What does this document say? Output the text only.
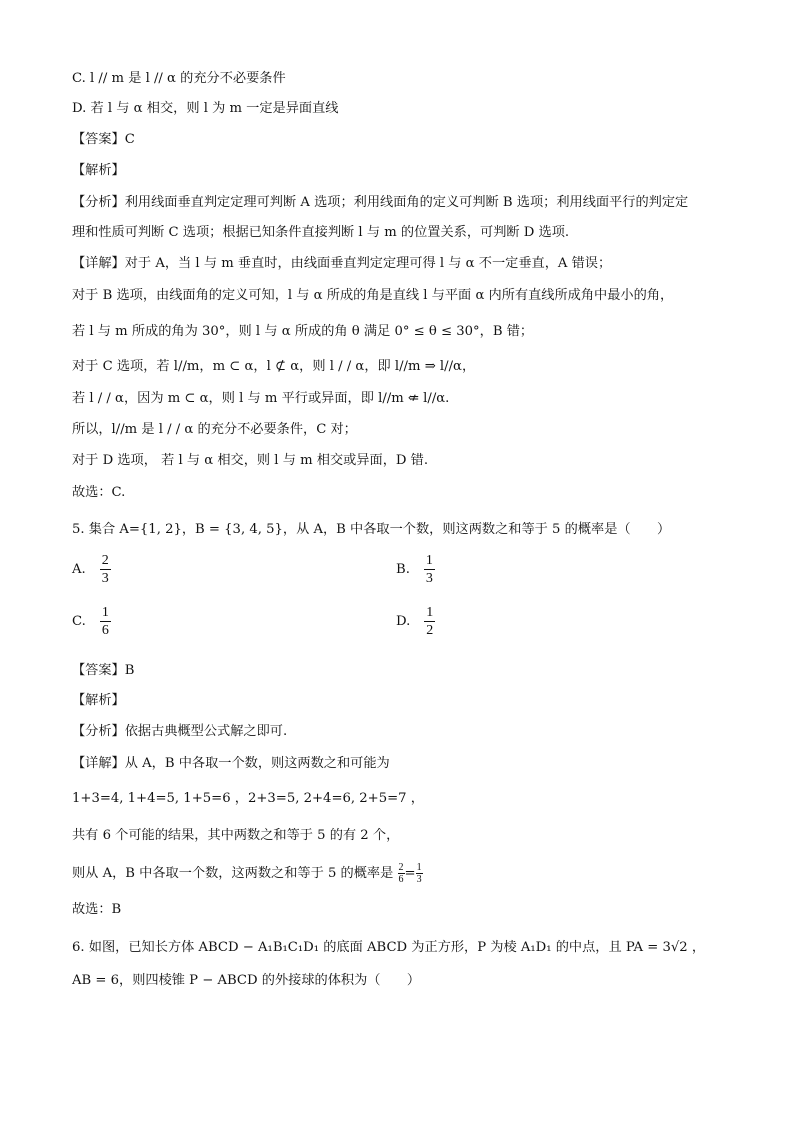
C. l // m 是 l // α 的充分不必要条件
D. 若 l 与 α 相交，则 l 为 m 一定是异面直线
【答案】C
【解析】
【分析】利用线面垂直判定定理可判断 A 选项；利用线面角的定义可判断 B 选项；利用线面平行的判定定
理和性质可判断 C 选项；根据已知条件直接判断 l 与 m 的位置关系，可判断 D 选项.
【详解】对于 A，当 l 与 m 垂直时，由线面垂直判定定理可得 l 与 α 不一定垂直，A 错误；
对于 B 选项，由线面角的定义可知，l 与 α 所成的角是直线 l 与平面 α 内所有直线所成角中最小的角，
若 l 与 m 所成的角为 30°，则 l 与 α 所成的角 θ 满足 0° ≤ θ ≤ 30°，B 错；
对于 C 选项，若 l//m，m ⊂ α，l ⊄ α，则 l / / α，即 l//m ⇒ l//α，
若 l / / α，因为 m ⊂ α，则 l 与 m 平行或异面，即 l//m ⇍ l//α.
所以，l//m 是 l / / α 的充分不必要条件，C 对；
对于 D 选项， 若 l 与 α 相交，则 l 与 m 相交或异面，D 错.
故选：C.
5. 集合 A={1, 2}，B = {3, 4, 5}，从 A，B 中各取一个数，则这两数之和等于 5 的概率是（　　）
A. $\frac{2}{3}$	B. $\frac{1}{3}$
C. $\frac{1}{6}$	D. $\frac{1}{2}$
【答案】B
【解析】
【分析】依据古典概型公式解之即可.
【详解】从 A，B 中各取一个数，则这两数之和可能为
1+3=4, 1+4=5, 1+5=6 ，2+3=5, 2+4=6, 2+5=7 ，
共有 6 个可能的结果，其中两数之和等于 5 的有 2 个，
则从 A，B 中各取一个数，这两数之和等于 5 的概率是 $\frac{2}{6} = \frac{1}{3}$
故选：B
6. 如图，已知长方体 ABCD − A₁B₁C₁D₁ 的底面 ABCD 为正方形，P 为棱 A₁D₁ 的中点，且 PA = 3√2 ，
AB = 6，则四棱锥 P − ABCD 的外接球的体积为（　　）
